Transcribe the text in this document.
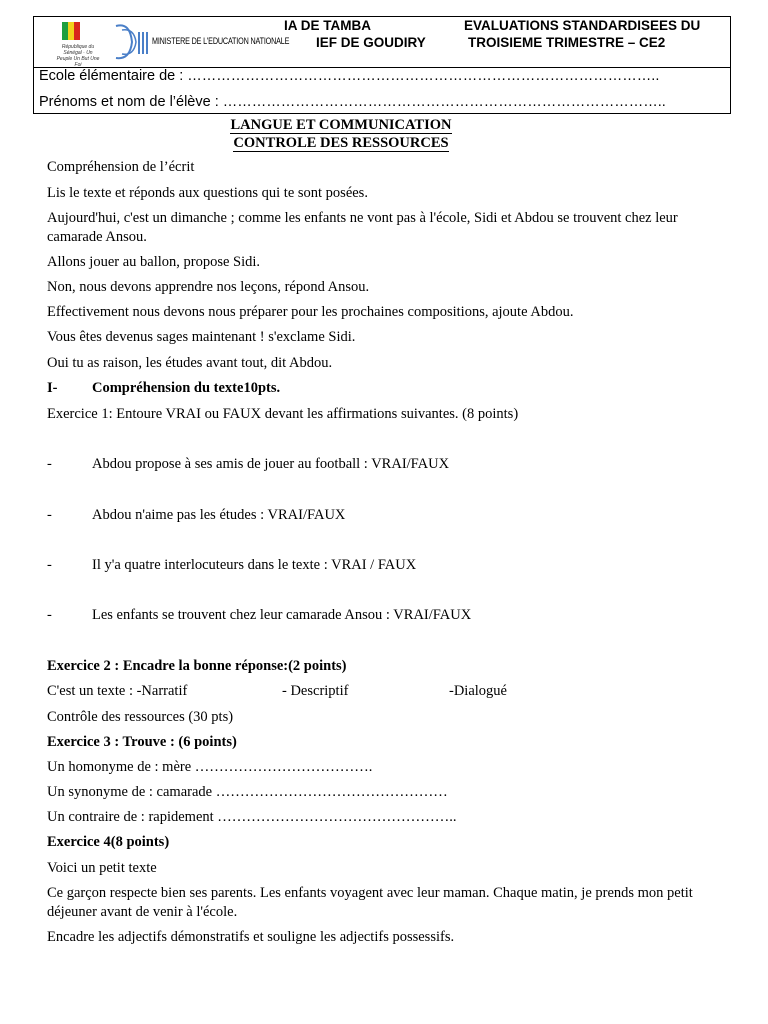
République du Sénégal · Un Peuple Un But Une Foi
MINISTERE DE L'EDUCATION NATIONALE
IA DE TAMBA
IEF DE GOUDIRY
EVALUATIONS STANDARDISEES DU
TROISIEME TRIMESTRE – CE2
Ecole élémentaire de : ……………………………………………………………………………………..
Prénoms et nom de l’élève : ………………………………………………………………………………..
LANGUE ET COMMUNICATION
CONTROLE DES RESSOURCES
Compréhension de l’écrit
Lis le texte et réponds aux questions qui te sont posées.
Aujourd'hui, c'est un dimanche ; comme les enfants ne vont pas à l'école, Sidi et Abdou se trouvent chez leur camarade Ansou.
Allons jouer au ballon, propose Sidi.
Non, nous devons apprendre nos leçons, répond Ansou.
Effectivement nous devons nous préparer pour les prochaines compositions, ajoute Abdou.
Vous êtes devenus sages maintenant ! s'exclame Sidi.
Oui tu as raison, les études avant tout, dit Abdou.
I- Compréhension du texte10pts.
Exercice 1: Entoure VRAI ou FAUX devant les affirmations suivantes. (8 points)
-	Abdou propose à ses amis de jouer au football : VRAI/FAUX
-	Abdou n'aime pas les études : VRAI/FAUX
-	Il y'a quatre interlocuteurs dans le texte : VRAI / FAUX
-	Les enfants se trouvent chez leur camarade Ansou : VRAI/FAUX
Exercice 2 : Encadre la bonne réponse:(2 points)
C'est un texte : -Narratif	- Descriptif	-Dialogué
Contrôle des ressources (30 pts)
Exercice 3 : Trouve : (6 points)
Un homonyme de : mère ……………………………….
Un synonyme de : camarade …………………………………………
Un contraire de : rapidement …………………………………………..
Exercice 4(8 points)
Voici un petit texte
Ce garçon respecte bien ses parents. Les enfants voyagent avec leur maman. Chaque matin, je prends mon petit déjeuner avant de venir à l'école.
Encadre les adjectifs démonstratifs et souligne les adjectifs possessifs.
